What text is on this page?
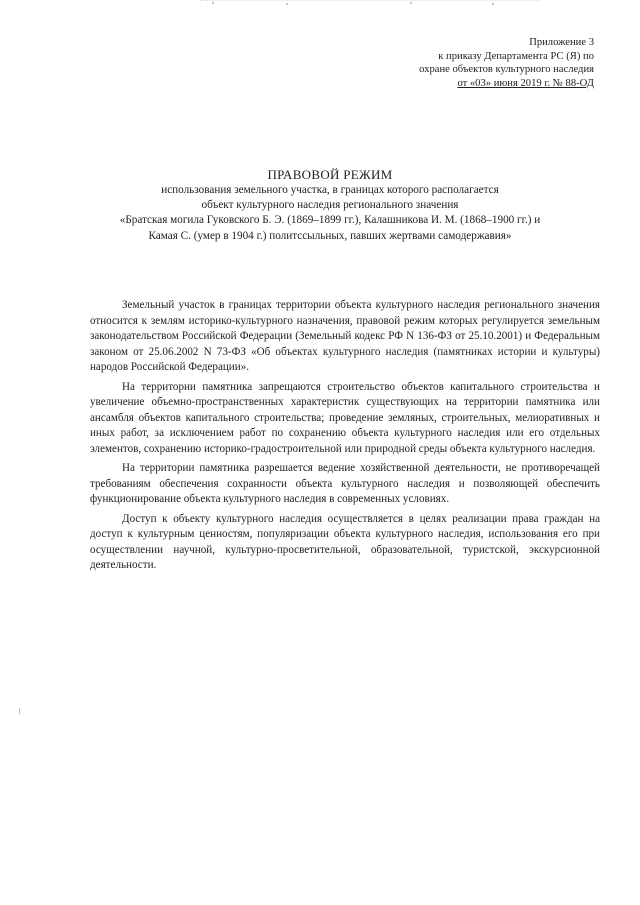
Приложение 3
к приказу Департамента РС (Я) по
охране объектов культурного наследия
от «03» июня 2019 г. № 88-ОД

ПРАВОВОЙ РЕЖИМ

использования земельного участка, в границах которого располагается

объект культурного наследия регионального значения

«Братская могила Гуковского Б. Э. (1869–1899 гг.), Калашникова И. М. (1868–1900 гг.) и

Камая С. (умер в 1904 г.) политссыльных, павших жертвами самодержавия»

Земельный участок в границах территории объекта культурного наследия регионального значения относится к землям историко-культурного назначения, правовой режим которых регулируется земельным законодательством Российской Федерации (Земельный кодекс РФ N 136-ФЗ от 25.10.2001) и Федеральным законом от 25.06.2002 N 73-ФЗ «Об объектах культурного наследия (памятниках истории и культуры) народов Российской Федерации».

На территории памятника запрещаются строительство объектов капитального строительства и увеличение объемно-пространственных характеристик существующих на территории памятника или ансамбля объектов капитального строительства; проведение земляных, строительных, мелиоративных и иных работ, за исключением работ по сохранению объекта культурного наследия или его отдельных элементов, сохранению историко-градостроительной или природной среды объекта культурного наследия.

На территории памятника разрешается ведение хозяйственной деятельности, не противоречащей требованиям обеспечения сохранности объекта культурного наследия и позволяющей обеспечить функционирование объекта культурного наследия в современных условиях.

Доступ к объекту культурного наследия осуществляется в целях реализации права граждан на доступ к культурным ценностям, популяризации объекта культурного наследия, использования его при осуществлении научной, культурно-просветительной, образовательной, туристской, экскурсионной деятельности.
